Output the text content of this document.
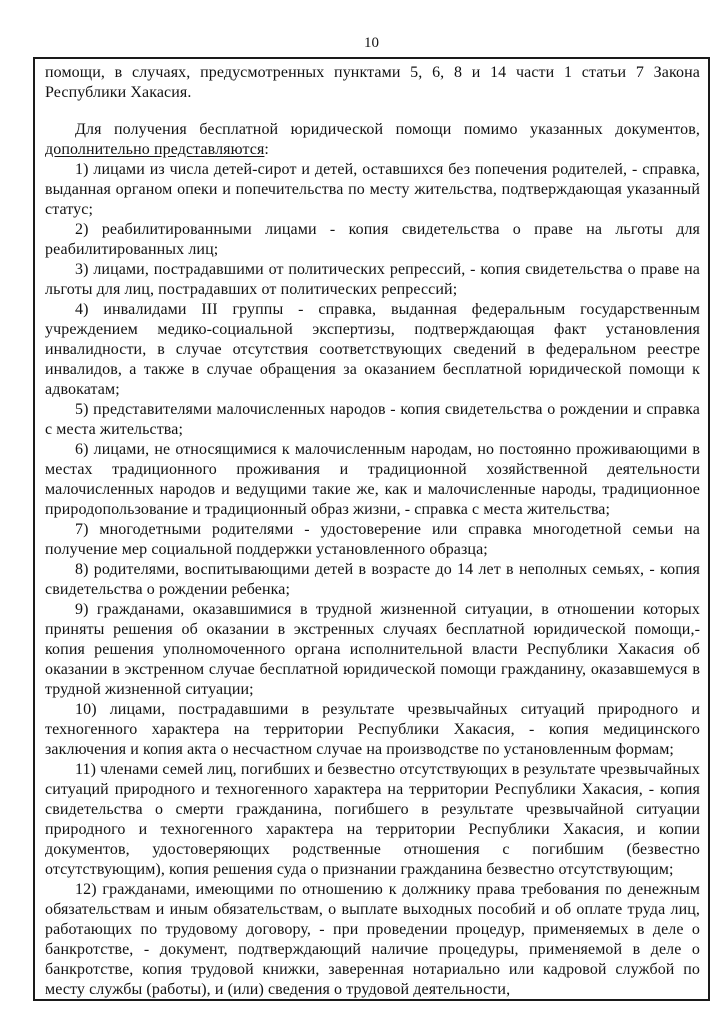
10

помощи, в случаях, предусмотренных пунктами 5, 6, 8 и 14 части 1 статьи 7 Закона Республики Хакасия.

Для получения бесплатной юридической помощи помимо указанных документов, дополнительно представляются:

1) лицами из числа детей-сирот и детей, оставшихся без попечения родителей, - справка, выданная органом опеки и попечительства по месту жительства, подтверждающая указанный статус;

2) реабилитированными лицами - копия свидетельства о праве на льготы для реабилитированных лиц;

3) лицами, пострадавшими от политических репрессий, - копия свидетельства о праве на льготы для лиц, пострадавших от политических репрессий;

4) инвалидами III группы - справка, выданная федеральным государственным учреждением медико-социальной экспертизы, подтверждающая факт установления инвалидности, в случае отсутствия соответствующих сведений в федеральном реестре инвалидов, а также в случае обращения за оказанием бесплатной юридической помощи к адвокатам;

5) представителями малочисленных народов - копия свидетельства о рождении и справка с места жительства;

6) лицами, не относящимися к малочисленным народам, но постоянно проживающими в местах традиционного проживания и традиционной хозяйственной деятельности малочисленных народов и ведущими такие же, как и малочисленные народы, традиционное природопользование и традиционный образ жизни, - справка с места жительства;

7) многодетными родителями - удостоверение или справка многодетной семьи на получение мер социальной поддержки установленного образца;

8) родителями, воспитывающими детей в возрасте до 14 лет в неполных семьях, - копия свидетельства о рождении ребенка;

9) гражданами, оказавшимися в трудной жизненной ситуации, в отношении которых приняты решения об оказании в экстренных случаях бесплатной юридической помощи,- копия решения уполномоченного органа исполнительной власти Республики Хакасия об оказании в экстренном случае бесплатной юридической помощи гражданину, оказавшемуся в трудной жизненной ситуации;

10) лицами, пострадавшими в результате чрезвычайных ситуаций природного и техногенного характера на территории Республики Хакасия, - копия медицинского заключения и копия акта о несчастном случае на производстве по установленным формам;

11) членами семей лиц, погибших и безвестно отсутствующих в результате чрезвычайных ситуаций природного и техногенного характера на территории Республики Хакасия, - копия свидетельства о смерти гражданина, погибшего в результате чрезвычайной ситуации природного и техногенного характера на территории Республики Хакасия, и копии документов, удостоверяющих родственные отношения с погибшим (безвестно отсутствующим), копия решения суда о признании гражданина безвестно отсутствующим;

12) гражданами, имеющими по отношению к должнику права требования по денежным обязательствам и иным обязательствам, о выплате выходных пособий и об оплате труда лиц, работающих по трудовому договору, - при проведении процедур, применяемых в деле о банкротстве, - документ, подтверждающий наличие процедуры, применяемой в деле о банкротстве, копия трудовой книжки, заверенная нотариально или кадровой службой по месту службы (работы), и (или) сведения о трудовой деятельности,
